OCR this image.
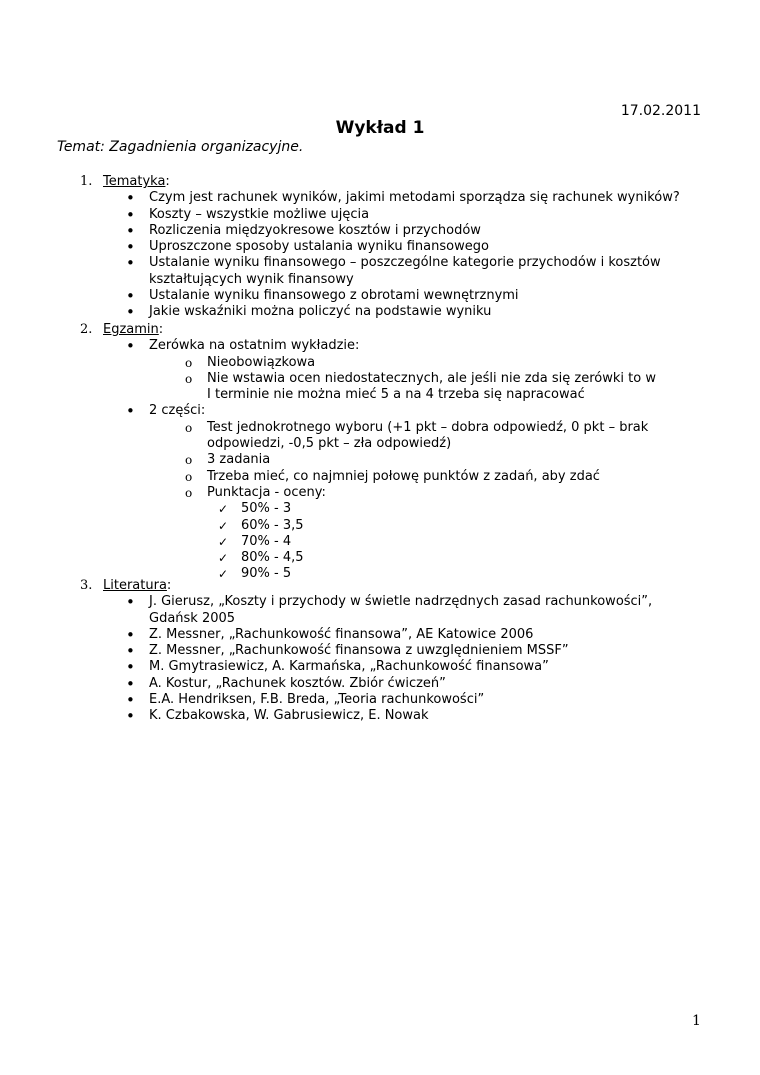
17.02.2011
Wykład 1
Temat: Zagadnienia organizacyjne.
1. Tematyka:
• Czym jest rachunek wyników, jakimi metodami sporządza się rachunek wyników?
• Koszty – wszystkie możliwe ujęcia
• Rozliczenia międzyokresowe kosztów i przychodów
• Uproszczone sposoby ustalania wyniku finansowego
• Ustalanie wyniku finansowego – poszczególne kategorie przychodów i kosztów kształtujących wynik finansowy
• Ustalanie wyniku finansowego z obrotami wewnętrznymi
• Jakie wskaźniki można policzyć na podstawie wyniku
2. Egzamin:
• Zerówka na ostatnim wykładzie:
o Nieobowiązkowa
o Nie wstawia ocen niedostatecznych, ale jeśli nie zda się zerówki to w I terminie nie można mieć 5 a na 4 trzeba się napracować
• 2 części:
o Test jednokrotnego wyboru (+1 pkt – dobra odpowiedź, 0 pkt – brak odpowiedzi, -0,5 pkt – zła odpowiedź)
o 3 zadania
o Trzeba mieć, co najmniej połowę punktów z zadań, aby zdać
o Punktacja - oceny:
✓ 50% - 3
✓ 60% - 3,5
✓ 70% - 4
✓ 80% - 4,5
✓ 90% - 5
3. Literatura:
• J. Gierusz, „Koszty i przychody w świetle nadrzędnych zasad rachunkowości”, Gdańsk 2005
• Z. Messner, „Rachunkowość finansowa”, AE Katowice 2006
• Z. Messner, „Rachunkowość finansowa z uwzględnieniem MSSF”
• M. Gmytrasiewicz, A. Karmańska, „Rachunkowość finansowa”
• A. Kostur, „Rachunek kosztów. Zbiór ćwiczeń”
• E.A. Hendriksen, F.B. Breda, „Teoria rachunkowości”
• K. Czbakowska, W. Gabrusiewicz, E. Nowak
1
